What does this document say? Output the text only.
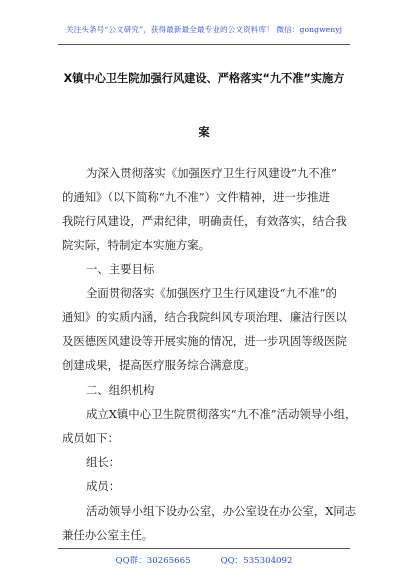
关注头条号“公文研究”，获得最新最全最专业的公文资料库！ 微信：gongwenyj
X镇中心卫生院加强行风建设、严格落实“九不准”实施方
案
为深入贯彻落实《加强医疗卫生行风建设“九不准”
的通知》（以下简称“九不准”）文件精神，进一步推进
我院行风建设，严肃纪律，明确责任，有效落实，结合我
院实际，特制定本实施方案。
一、主要目标
全面贯彻落实《加强医疗卫生行风建设“九不准”的
通知》的实质内涵，结合我院纠风专项治理、廉洁行医以
及医德医风建设等开展实施的情况，进一步巩固等级医院
创建成果，提高医疗服务综合满意度。
二、组织机构
成立X镇中心卫生院贯彻落实“九不准”活动领导小组，
成员如下：
组长：
成员：
活动领导小组下设办公室，办公室设在办公室，X同志
兼任办公室主任。
QQ群：30265665	QQ：535304092
